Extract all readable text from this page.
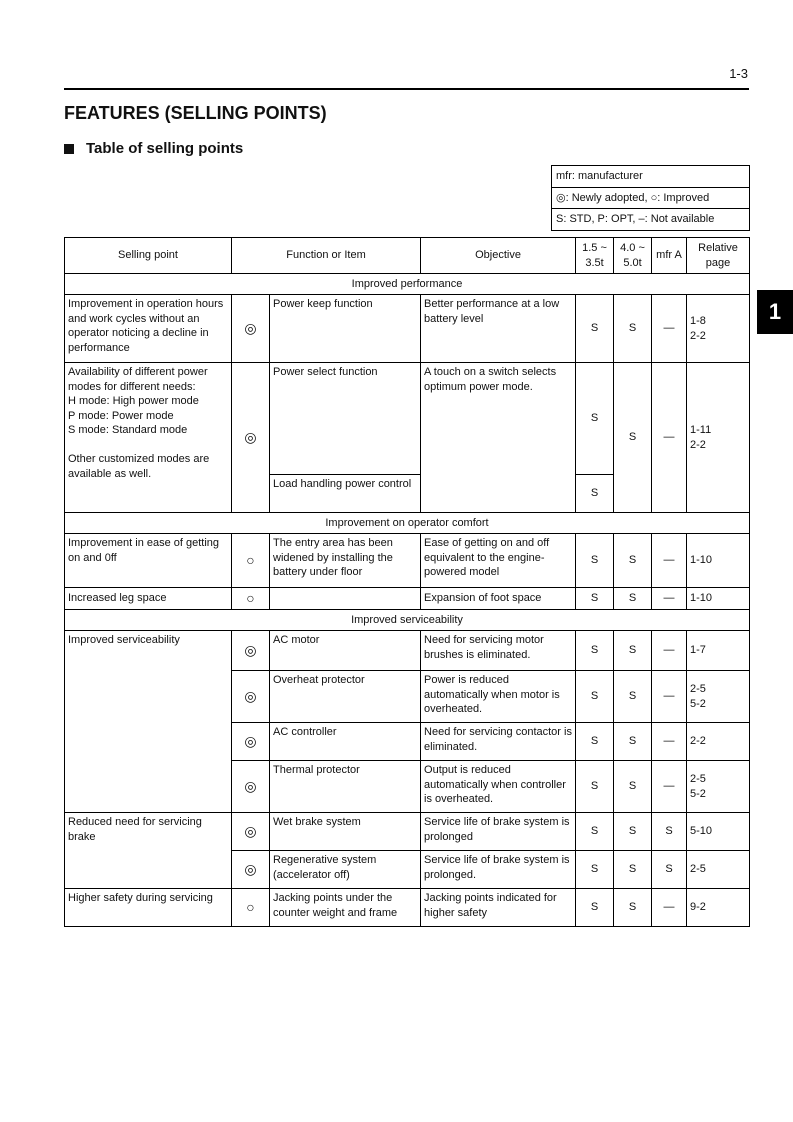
1-3
FEATURES (SELLING POINTS)
Table of selling points
mfr: manufacturer
◎: Newly adopted, ○: Improved
S: STD, P: OPT, –: Not available
1
Selling point	Function or Item		Objective	1.5 ~ 3.5t	4.0 ~ 5.0t	mfr A	Relative page
Improved performance							
Improvement in operation hours and work cycles without an operator noticing a decline in performance	◎	Power keep function	Better performance at a low battery level	S	S	—	1-8
2-2
Availability of different power modes for different needs:
H mode: High power mode
P mode: Power mode
S mode: Standard mode

Other customized modes are available as well.	◎	Power select function	A touch on a switch selects optimum power mode.	S	S	—	1-11
2-2
		Load handling power control		S			
Improvement on operator comfort							
Improvement in ease of getting on and 0ff	○	The entry area has been widened by installing the battery under floor	Ease of getting on and off equivalent to the engine-powered model	S	S	—	1-10
Increased leg space	○		Expansion of foot space	S	S	—	1-10
Improved serviceability							
Improved serviceability	◎	AC motor	Need for servicing motor brushes is eliminated.	S	S	—	1-7
	◎	Overheat protector	Power is reduced automatically when motor is overheated.	S	S	—	2-5
5-2
	◎	AC controller	Need for servicing contactor is eliminated.	S	S	—	2-2
	◎	Thermal protector	Output is reduced automatically when controller is overheated.	S	S	—	2-5
5-2
Reduced need for servicing brake	◎	Wet brake system	Service life of brake system is prolonged	S	S	S	5-10
	◎	Regenerative system (accelerator off)	Service life of brake system is prolonged.	S	S	S	2-5
Higher safety during servicing	○	Jacking points under the counter weight and frame	Jacking points indicated for higher safety	S	S	—	9-2
